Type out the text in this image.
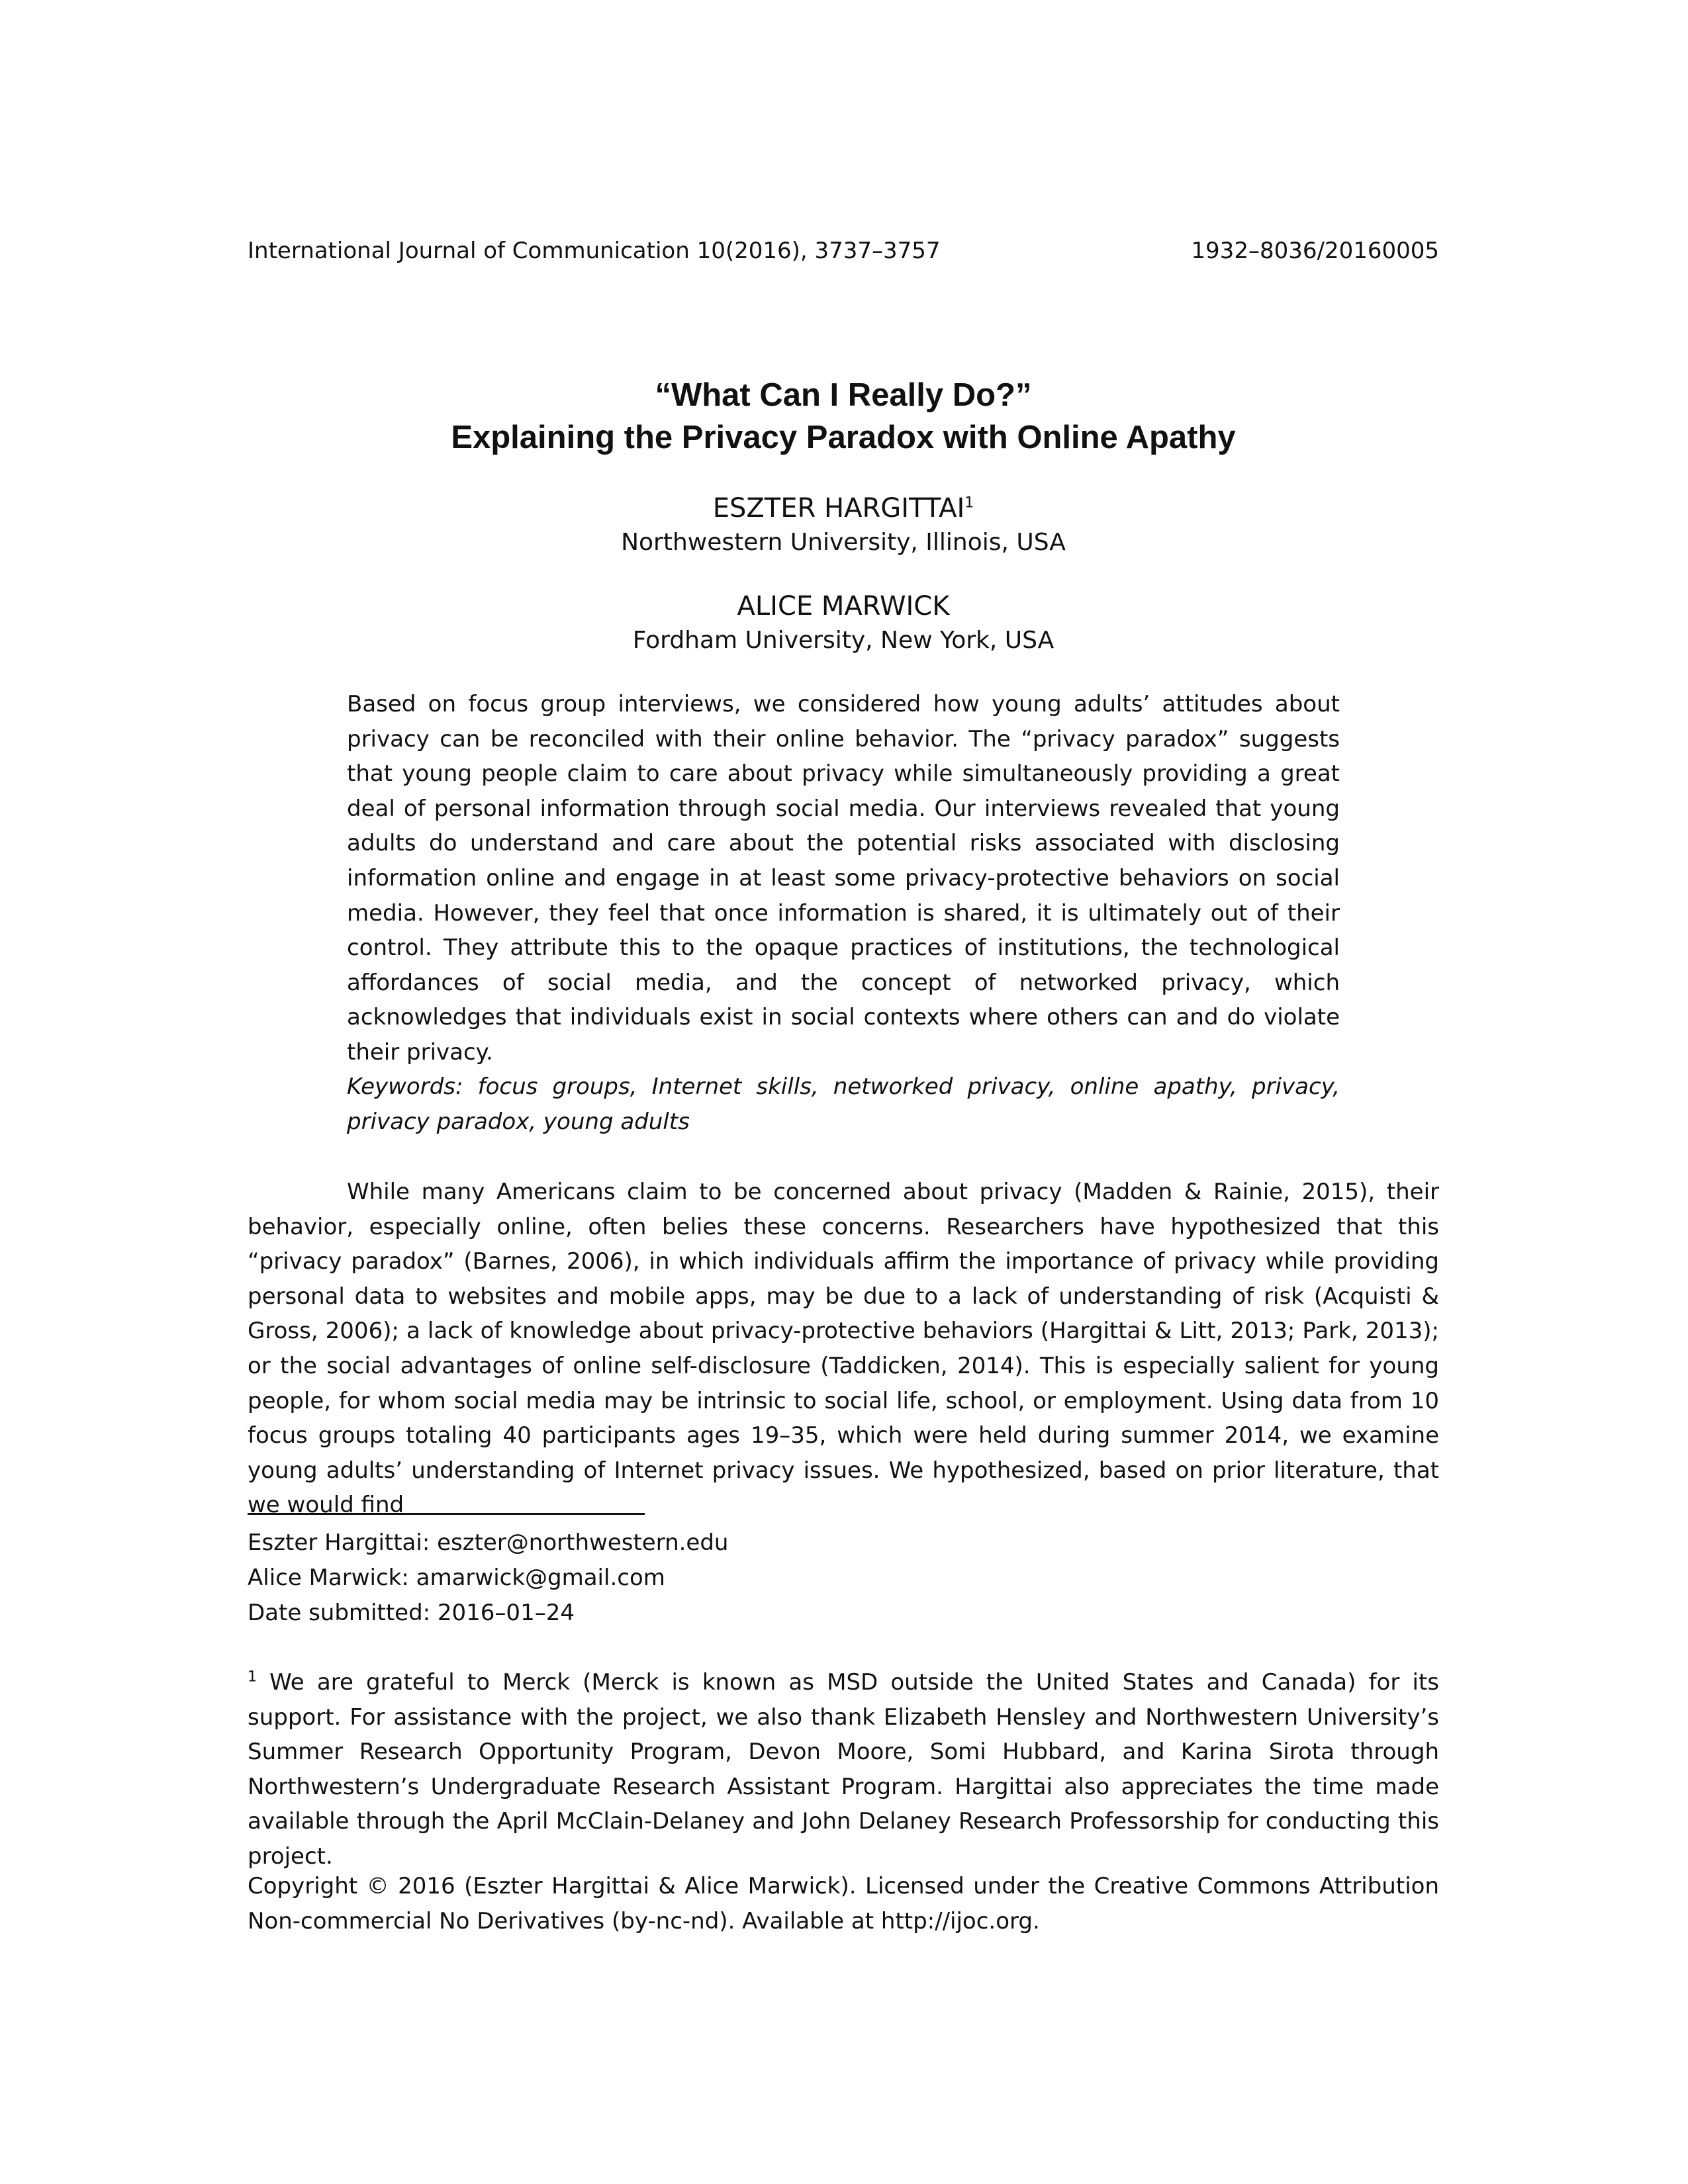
International Journal of Communication 10(2016), 3737–3757	1932–8036/20160005
“What Can I Really Do?”
Explaining the Privacy Paradox with Online Apathy
ESZTER HARGITTAI$^1$
Northwestern University, Illinois, USA
ALICE MARWICK
Fordham University, New York, USA

Based on focus group interviews, we considered how young adults’ attitudes about privacy can be reconciled with their online behavior. The “privacy paradox” suggests that young people claim to care about privacy while simultaneously providing a great deal of personal information through social media. Our interviews revealed that young adults do understand and care about the potential risks associated with disclosing information online and engage in at least some privacy-protective behaviors on social media. However, they feel that once information is shared, it is ultimately out of their control. They attribute this to the opaque practices of institutions, the technological affordances of social media, and the concept of networked privacy, which acknowledges that individuals exist in social contexts where others can and do violate their privacy.

Keywords: focus groups, Internet skills, networked privacy, online apathy, privacy, privacy paradox, young adults

While many Americans claim to be concerned about privacy (Madden & Rainie, 2015), their behavior, especially online, often belies these concerns. Researchers have hypothesized that this “privacy paradox” (Barnes, 2006), in which individuals affirm the importance of privacy while providing personal data to websites and mobile apps, may be due to a lack of understanding of risk (Acquisti & Gross, 2006); a lack of knowledge about privacy-protective behaviors (Hargittai & Litt, 2013; Park, 2013); or the social advantages of online self-disclosure (Taddicken, 2014). This is especially salient for young people, for whom social media may be intrinsic to social life, school, or employment. Using data from 10 focus groups totaling 40 participants ages 19–35, which were held during summer 2014, we examine young adults’ understanding of Internet privacy issues. We hypothesized, based on prior literature, that we would find

Eszter Hargittai: eszter@northwestern.edu
Alice Marwick: amarwick@gmail.com
Date submitted: 2016–01–24

$^1$ We are grateful to Merck (Merck is known as MSD outside the United States and Canada) for its support. For assistance with the project, we also thank Elizabeth Hensley and Northwestern University’s Summer Research Opportunity Program, Devon Moore, Somi Hubbard, and Karina Sirota through Northwestern’s Undergraduate Research Assistant Program. Hargittai also appreciates the time made available through the April McClain-Delaney and John Delaney Research Professorship for conducting this project.

Copyright © 2016 (Eszter Hargittai & Alice Marwick). Licensed under the Creative Commons Attribution Non-commercial No Derivatives (by-nc-nd). Available at http://ijoc.org.
